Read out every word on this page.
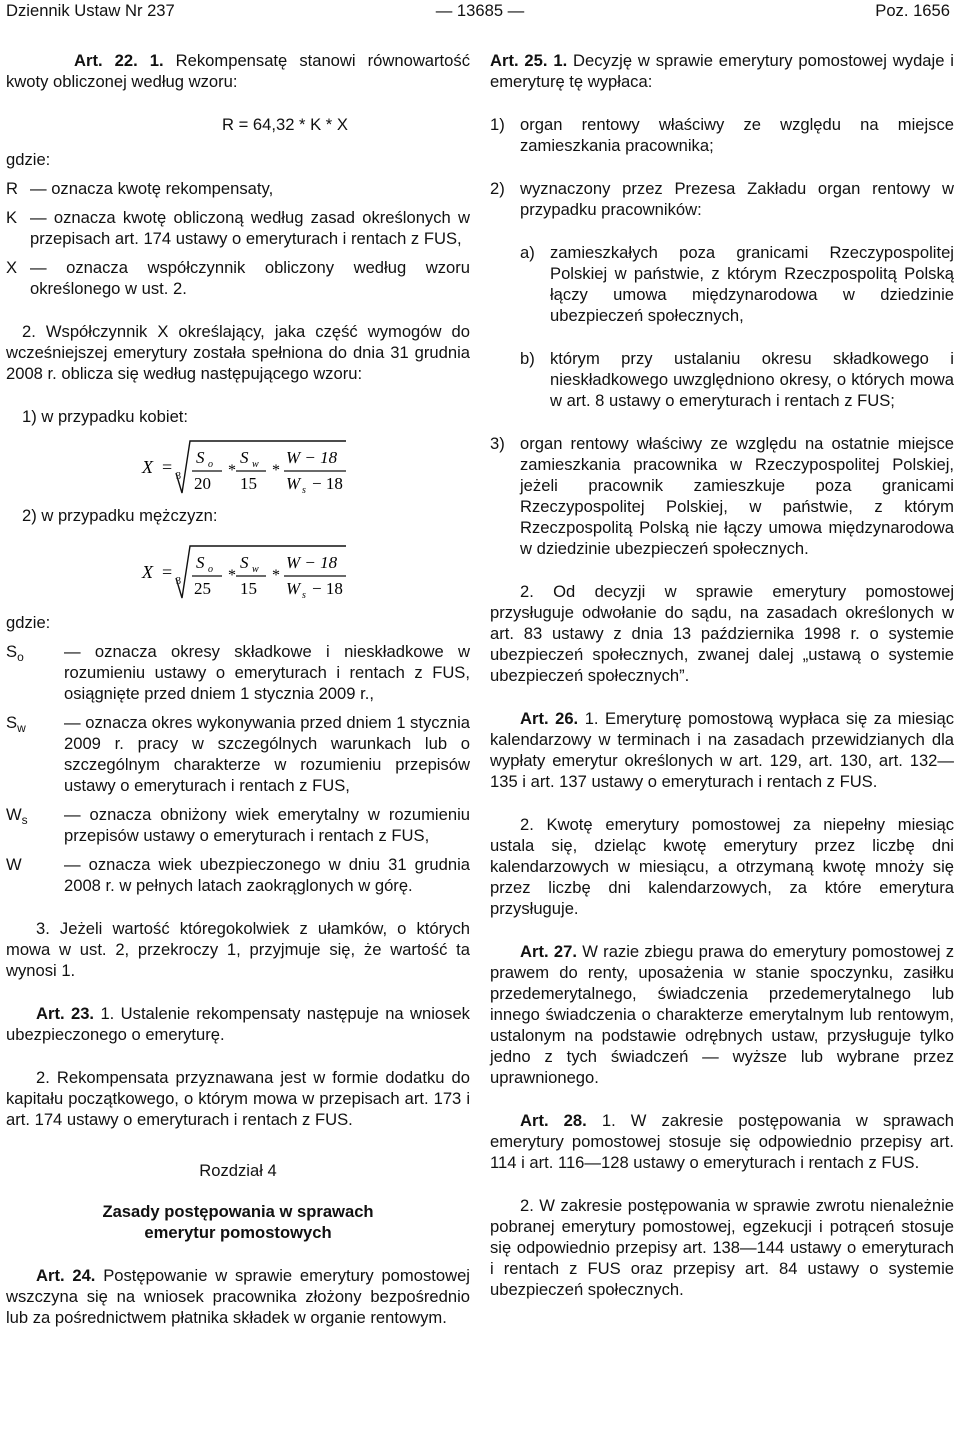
Dziennik Ustaw Nr 237	— 13685 —	Poz. 1656

Art. 22. 1. Rekompensatę stanowi równowartość kwoty obliczonej według wzoru:

R = 64,32 * K * X

gdzie:

R — oznacza kwotę rekompensaty,
K — oznacza kwotę obliczoną według zasad określonych w przepisach art. 174 ustawy o emeryturach i rentach z FUS,
X — oznacza współczynnik obliczony według wzoru określonego w ust. 2.

2. Współczynnik X określający, jaka część wymogów do wcześniejszej emerytury została spełniona do dnia 31 grudnia 2008 r. oblicza się według następującego wzoru:

1) w przypadku kobiet:

X = 3
S o
20
*
S w
15
*
W − 18
W s − 18

2) w przypadku mężczyzn:

X = 3
S o
25
*
S w
15
*
W − 18
W s − 18

gdzie:

$S_o$	— oznacza okresy składkowe i nieskładkowe w rozumieniu ustawy o emeryturach i rentach z FUS, osiągnięte przed dniem 1 stycznia 2009 r.,
$S_w$	— oznacza okres wykonywania przed dniem 1 stycznia 2009 r. pracy w szczególnych warunkach lub o szczególnym charakterze w rozumieniu przepisów ustawy o emeryturach i rentach z FUS,
$W_s$	— oznacza obniżony wiek emerytalny w rozumieniu przepisów ustawy o emeryturach i rentach z FUS,
W	— oznacza wiek ubezpieczonego w dniu 31 grudnia 2008 r. w pełnych latach zaokrąglonych w górę.

3. Jeżeli wartość któregokolwiek z ułamków, o których mowa w ust. 2, przekroczy 1, przyjmuje się, że wartość ta wynosi 1.

Art. 23. 1. Ustalenie rekompensaty następuje na wniosek ubezpieczonego o emeryturę.

2. Rekompensata przyznawana jest w formie dodatku do kapitału początkowego, o którym mowa w przepisach art. 173 i art. 174 ustawy o emeryturach i rentach z FUS.

Rozdział 4

Zasady postępowania w sprawach emerytur pomostowych

Art. 24. Postępowanie w sprawie emerytury pomostowej wszczyna się na wniosek pracownika złożony bezpośrednio lub za pośrednictwem płatnika składek w organie rentowym.

Art. 25. 1. Decyzję w sprawie emerytury pomostowej wydaje i emeryturę tę wypłaca:

1) organ rentowy właściwy ze względu na miejsce zamieszkania pracownika;
2) wyznaczony przez Prezesa Zakładu organ rentowy w przypadku pracowników:
a) zamieszkałych poza granicami Rzeczypospolitej Polskiej w państwie, z którym Rzeczpospolitą Polską łączy umowa międzynarodowa w dziedzinie ubezpieczeń społecznych,
b) którym przy ustalaniu okresu składkowego i nieskładkowego uwzględniono okresy, o których mowa w art. 8 ustawy o emeryturach i rentach z FUS;
3) organ rentowy właściwy ze względu na ostatnie miejsce zamieszkania pracownika w Rzeczypospolitej Polskiej, jeżeli pracownik zamieszkuje poza granicami Rzeczypospolitej Polskiej, w państwie, z którym Rzeczpospolitą Polską nie łączy umowa międzynarodowa w dziedzinie ubezpieczeń społecznych.

2. Od decyzji w sprawie emerytury pomostowej przysługuje odwołanie do sądu, na zasadach określonych w art. 83 ustawy z dnia 13 października 1998 r. o systemie ubezpieczeń społecznych, zwanej dalej „ustawą o systemie ubezpieczeń społecznych”.

Art. 26. 1. Emeryturę pomostową wypłaca się za miesiąc kalendarzowy w terminach i na zasadach przewidzianych dla wypłaty emerytur określonych w art. 129, art. 130, art. 132—135 i art. 137 ustawy o emeryturach i rentach z FUS.

2. Kwotę emerytury pomostowej za niepełny miesiąc ustala się, dzieląc kwotę emerytury przez liczbę dni kalendarzowych w miesiącu, a otrzymaną kwotę mnoży się przez liczbę dni kalendarzowych, za które emerytura przysługuje.

Art. 27. W razie zbiegu prawa do emerytury pomostowej z prawem do renty, uposażenia w stanie spoczynku, zasiłku przedemerytalnego, świadczenia przedemerytalnego lub innego świadczenia o charakterze emerytalnym lub rentowym, ustalonym na podstawie odrębnych ustaw, przysługuje tylko jedno z tych świadczeń — wyższe lub wybrane przez uprawnionego.

Art. 28. 1. W zakresie postępowania w sprawach emerytury pomostowej stosuje się odpowiednio przepisy art. 114 i art. 116—128 ustawy o emeryturach i rentach z FUS.

2. W zakresie postępowania w sprawie zwrotu nienależnie pobranej emerytury pomostowej, egzekucji i potrąceń stosuje się odpowiednio przepisy art. 138—144 ustawy o emeryturach i rentach z FUS oraz przepisy art. 84 ustawy o systemie ubezpieczeń społecznych.
